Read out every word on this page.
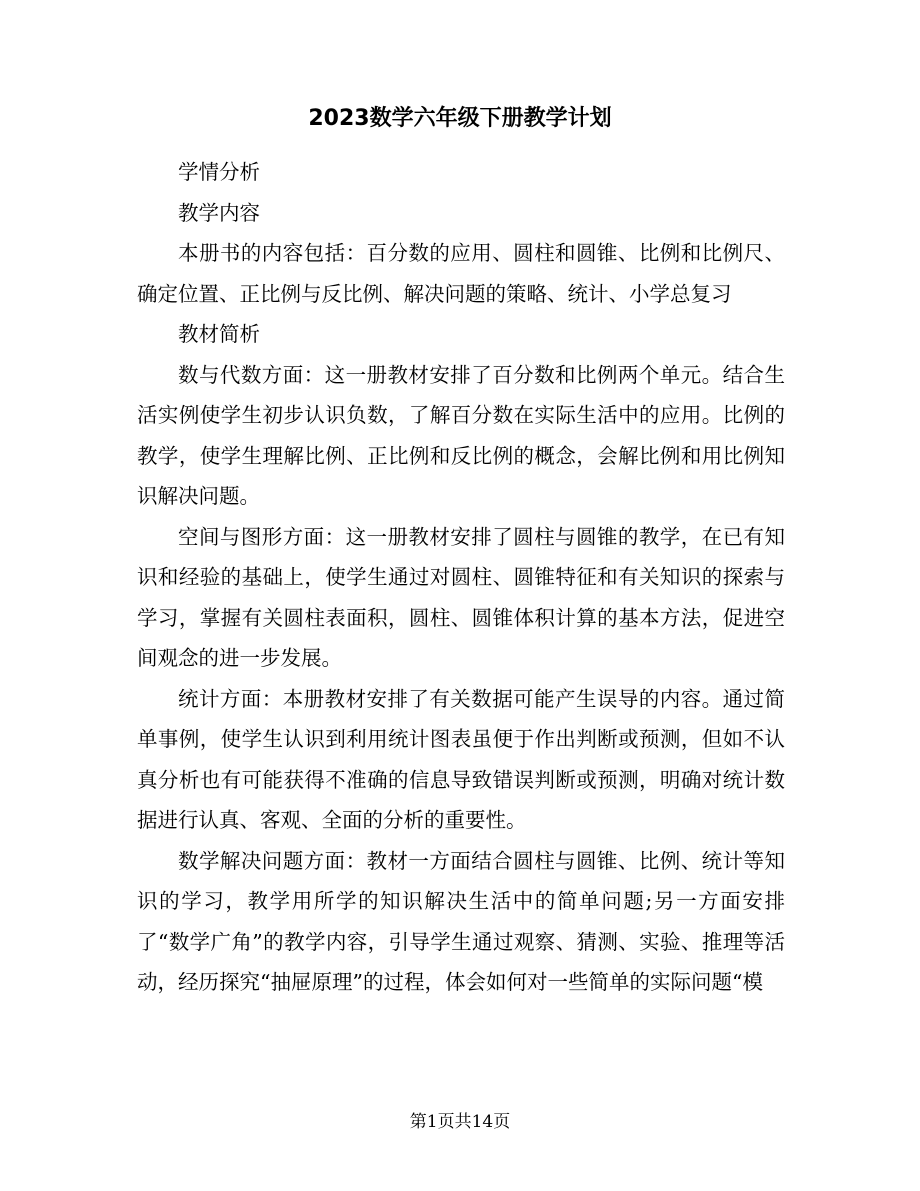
2023数学六年级下册教学计划

学情分析

教学内容

本册书的内容包括：百分数的应用、圆柱和圆锥、比例和比例尺、确定位置、正比例与反比例、解决问题的策略、统计、小学总复习

教材简析

数与代数方面：这一册教材安排了百分数和比例两个单元。结合生活实例使学生初步认识负数，了解百分数在实际生活中的应用。比例的教学，使学生理解比例、正比例和反比例的概念，会解比例和用比例知识解决问题。

空间与图形方面：这一册教材安排了圆柱与圆锥的教学，在已有知识和经验的基础上，使学生通过对圆柱、圆锥特征和有关知识的探索与学习，掌握有关圆柱表面积，圆柱、圆锥体积计算的基本方法，促进空间观念的进一步发展。

统计方面：本册教材安排了有关数据可能产生误导的内容。通过简单事例，使学生认识到利用统计图表虽便于作出判断或预测，但如不认真分析也有可能获得不准确的信息导致错误判断或预测，明确对统计数据进行认真、客观、全面的分析的重要性。

数学解决问题方面：教材一方面结合圆柱与圆锥、比例、统计等知识的学习，教学用所学的知识解决生活中的简单问题;另一方面安排了“数学广角”的教学内容，引导学生通过观察、猜测、实验、推理等活动，经历探究“抽屉原理”的过程，体会如何对一些简单的实际问题“模

第1页共14页
